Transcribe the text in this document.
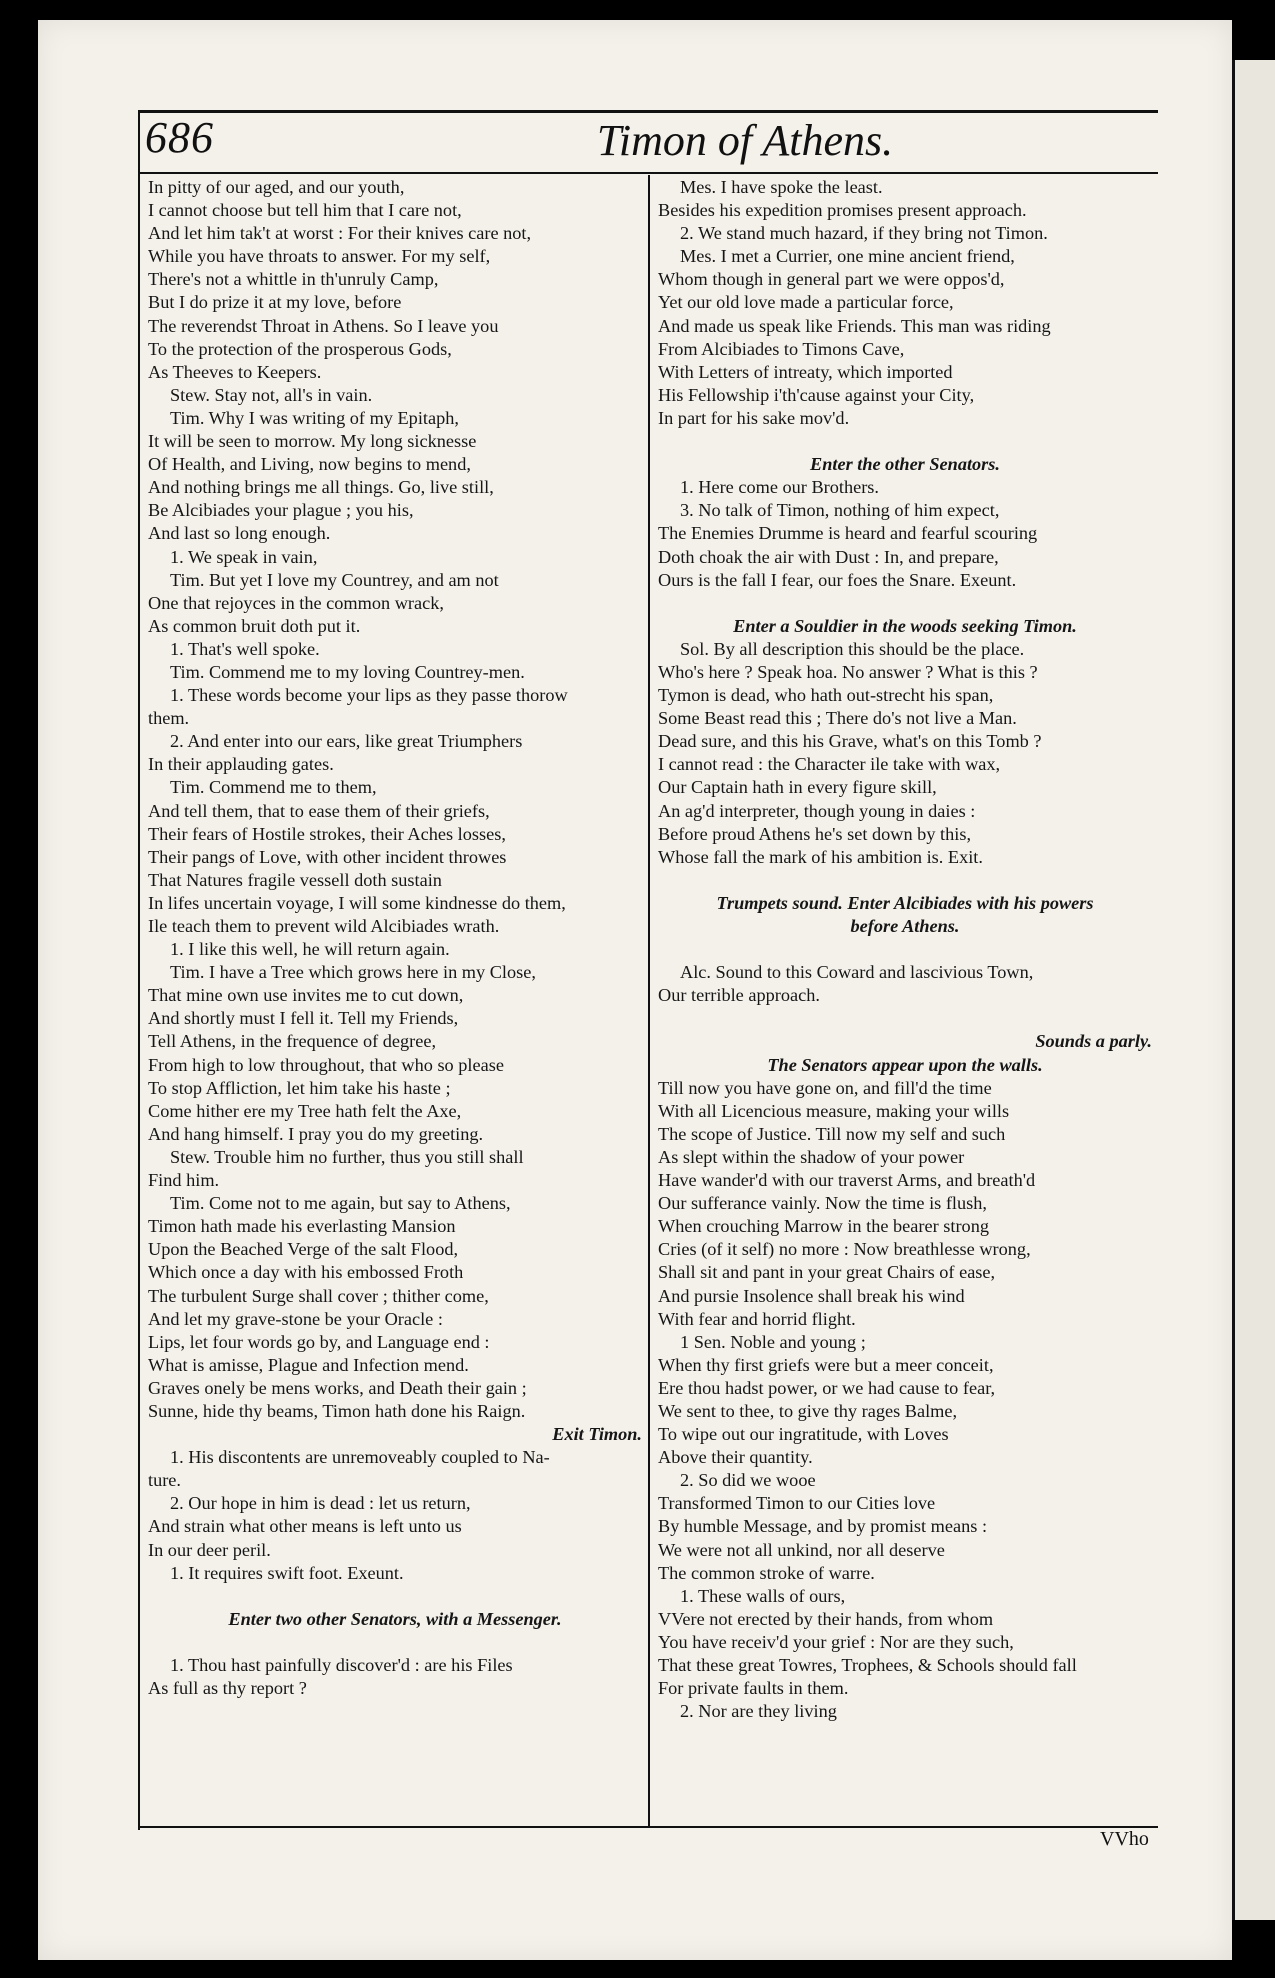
686	Timon of Athens.
In pitty of our aged, and our youth,
I cannot choose but tell him that I care not,
And let him tak't at worst : For their knives care not,
While you have throats to answer. For my self,
There's not a whittle in th'unruly Camp,
But I do prize it at my love, before
The reverendst Throat in Athens. So I leave you
To the protection of the prosperous Gods,
As Theeves to Keepers.
Stew. Stay not, all's in vain.
Tim. Why I was writing of my Epitaph,
It will be seen to morrow. My long sicknesse
Of Health, and Living, now begins to mend,
And nothing brings me all things. Go, live still,
Be Alcibiades your plague ; you his,
And last so long enough.
1. We speak in vain,
Tim. But yet I love my Countrey, and am not
One that rejoyces in the common wrack,
As common bruit doth put it.
1. That's well spoke.
Tim. Commend me to my loving Countrey-men.
1. These words become your lips as they passe thorow
them.
2. And enter into our ears, like great Triumphers
In their applauding gates.
Tim. Commend me to them,
And tell them, that to ease them of their griefs,
Their fears of Hostile strokes, their Aches losses,
Their pangs of Love, with other incident throwes
That Natures fragile vessell doth sustain
In lifes uncertain voyage, I will some kindnesse do them,
Ile teach them to prevent wild Alcibiades wrath.
1. I like this well, he will return again.
Tim. I have a Tree which grows here in my Close,
That mine own use invites me to cut down,
And shortly must I fell it. Tell my Friends,
Tell Athens, in the frequence of degree,
From high to low throughout, that who so please
To stop Affliction, let him take his haste ;
Come hither ere my Tree hath felt the Axe,
And hang himself. I pray you do my greeting.
Stew. Trouble him no further, thus you still shall
Find him.
Tim. Come not to me again, but say to Athens,
Timon hath made his everlasting Mansion
Upon the Beached Verge of the salt Flood,
Which once a day with his embossed Froth
The turbulent Surge shall cover ; thither come,
And let my grave-stone be your Oracle :
Lips, let four words go by, and Language end :
What is amisse, Plague and Infection mend.
Graves onely be mens works, and Death their gain ;
Sunne, hide thy beams, Timon hath done his Raign.
Exit Timon.
1. His discontents are unremoveably coupled to Na-
ture.
2. Our hope in him is dead : let us return,
And strain what other means is left unto us
In our deer peril.
1. It requires swift foot. Exeunt.
Enter two other Senators, with a Messenger.
1. Thou hast painfully discover'd : are his Files
As full as thy report ?
Mes. I have spoke the least.
Besides his expedition promises present approach.
2. We stand much hazard, if they bring not Timon.
Mes. I met a Currier, one mine ancient friend,
Whom though in general part we were oppos'd,
Yet our old love made a particular force,
And made us speak like Friends. This man was riding
From Alcibiades to Timons Cave,
With Letters of intreaty, which imported
His Fellowship i'th'cause against your City,
In part for his sake mov'd.
Enter the other Senators.
1. Here come our Brothers.
3. No talk of Timon, nothing of him expect,
The Enemies Drumme is heard and fearful scouring
Doth choak the air with Dust : In, and prepare,
Ours is the fall I fear, our foes the Snare. Exeunt.
Enter a Souldier in the woods seeking Timon.
Sol. By all description this should be the place.
Who's here ? Speak hoa. No answer ? What is this ?
Tymon is dead, who hath out-strecht his span,
Some Beast read this ; There do's not live a Man.
Dead sure, and this his Grave, what's on this Tomb ?
I cannot read : the Character ile take with wax,
Our Captain hath in every figure skill,
An ag'd interpreter, though young in daies :
Before proud Athens he's set down by this,
Whose fall the mark of his ambition is. Exit.
Trumpets sound. Enter Alcibiades with his powers
before Athens.
Alc. Sound to this Coward and lascivious Town,
Our terrible approach.
Sounds a parly.
The Senators appear upon the walls.
Till now you have gone on, and fill'd the time
With all Licencious measure, making your wills
The scope of Justice. Till now my self and such
As slept within the shadow of your power
Have wander'd with our traverst Arms, and breath'd
Our sufferance vainly. Now the time is flush,
When crouching Marrow in the bearer strong
Cries (of it self) no more : Now breathlesse wrong,
Shall sit and pant in your great Chairs of ease,
And pursie Insolence shall break his wind
With fear and horrid flight.
1 Sen. Noble and young ;
When thy first griefs were but a meer conceit,
Ere thou hadst power, or we had cause to fear,
We sent to thee, to give thy rages Balme,
To wipe out our ingratitude, with Loves
Above their quantity.
2. So did we wooe
Transformed Timon to our Cities love
By humble Message, and by promist means :
We were not all unkind, nor all deserve
The common stroke of warre.
1. These walls of ours,
VVere not erected by their hands, from whom
You have receiv'd your grief : Nor are they such,
That these great Towres, Trophees, & Schools should fall
For private faults in them.
2. Nor are they living
VVho
